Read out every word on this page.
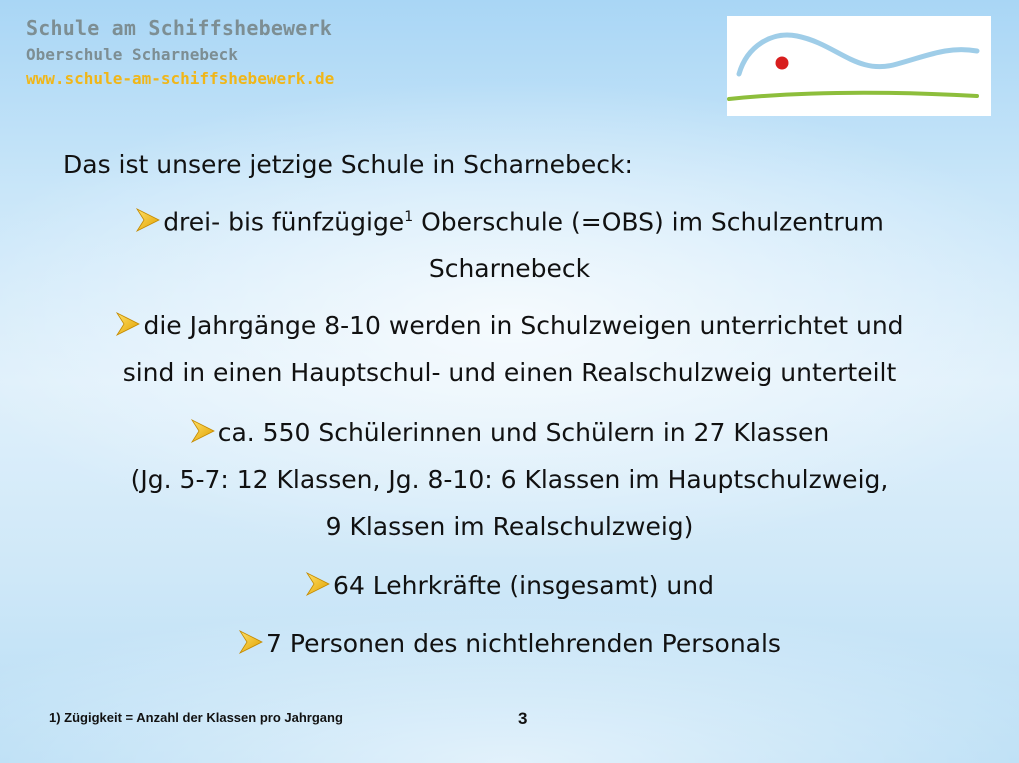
Schule am Schiffshebewerk
Oberschule Scharnebeck
www.schule-am-schiffshebewerk.de
Das ist unsere jetzige Schule in Scharnebeck:
drei- bis fünfzügige$^1$ Oberschule (=OBS) im Schulzentrum
Scharnebeck
die Jahrgänge 8-10 werden in Schulzweigen unterrichtet und
sind in einen Hauptschul- und einen Realschulzweig unterteilt
ca. 550 Schülerinnen und Schülern in 27 Klassen
(Jg. 5-7: 12 Klassen, Jg. 8-10: 6 Klassen im Hauptschulzweig,
9 Klassen im Realschulzweig)
64 Lehrkräfte (insgesamt) und
7 Personen des nichtlehrenden Personals
1) Zügigkeit = Anzahl der Klassen pro Jahrgang	3
